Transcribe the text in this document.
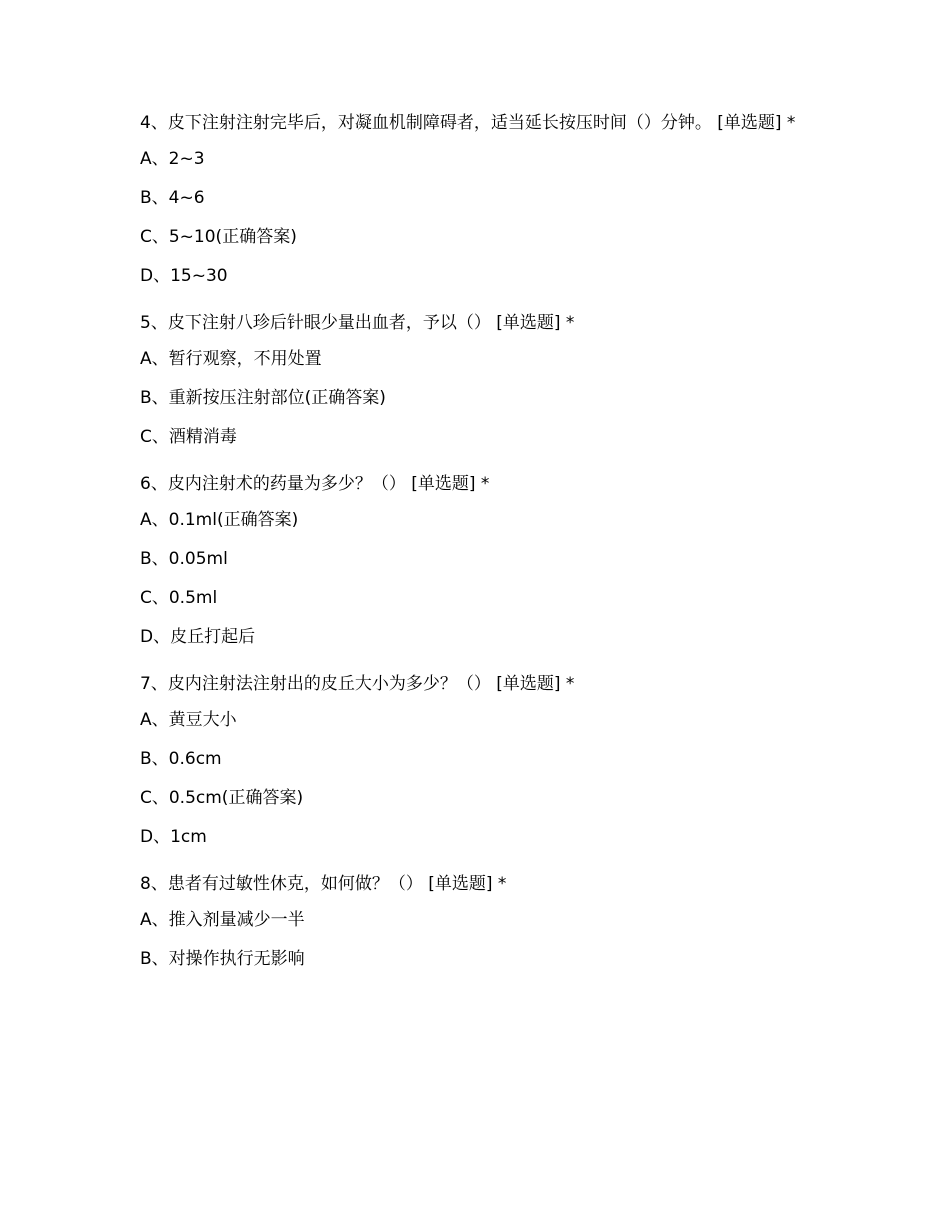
4、皮下注射注射完毕后，对凝血机制障碍者，适当延长按压时间（）分钟。 [单选题] *

A、2~3
B、4~6
C、5~10(正确答案)
D、15~30

5、皮下注射八珍后针眼少量出血者，予以（） [单选题] *

A、暂行观察，不用处置
B、重新按压注射部位(正确答案)
C、酒精消毒

6、皮内注射术的药量为多少？（） [单选题] *

A、0.1ml(正确答案)
B、0.05ml
C、0.5ml
D、皮丘打起后

7、皮内注射法注射出的皮丘大小为多少？（） [单选题] *

A、黄豆大小
B、0.6cm
C、0.5cm(正确答案)
D、1cm

8、患者有过敏性休克，如何做？（） [单选题] *

A、推入剂量减少一半
B、对操作执行无影响
